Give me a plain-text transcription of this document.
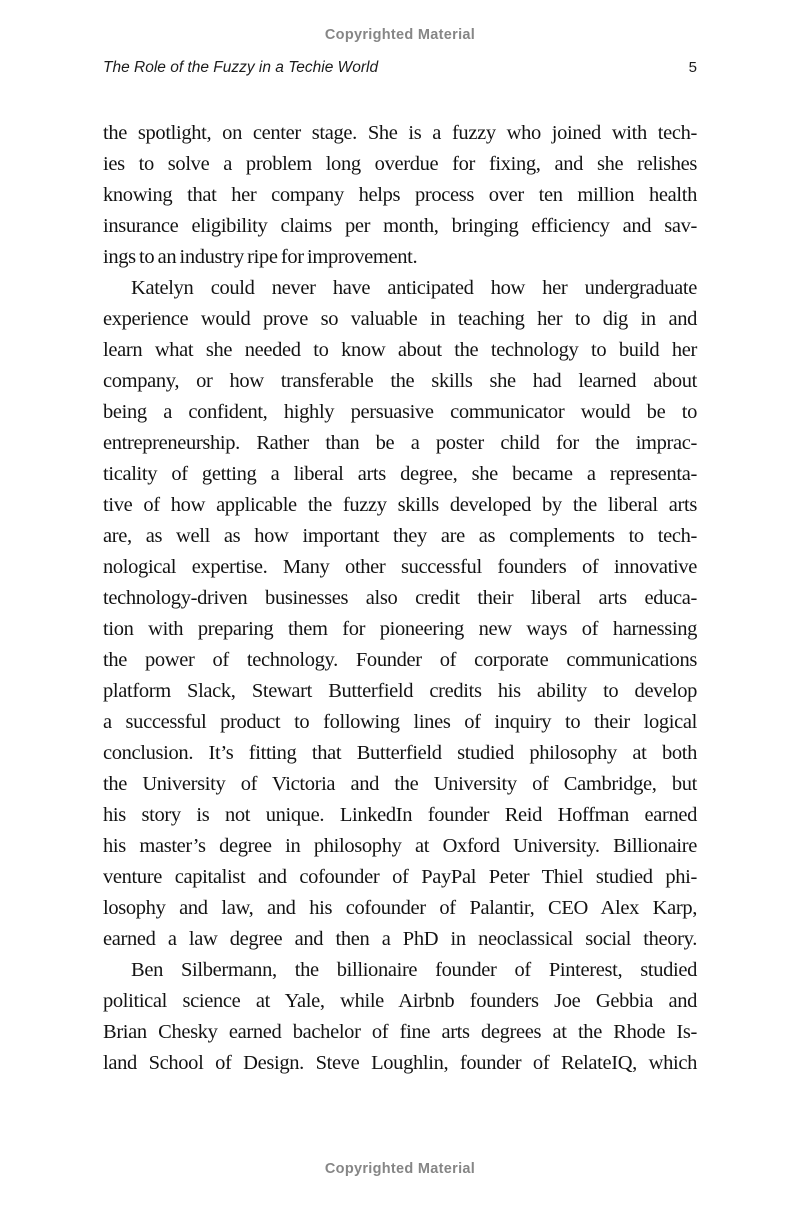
Copyrighted Material
The Role of the Fuzzy in a Techie World	5
the spotlight, on center stage. She is a fuzzy who joined with tech-
ies to solve a problem long overdue for fixing, and she relishes
knowing that her company helps process over ten million health
insurance eligibility claims per month, bringing efficiency and sav-
ings to an industry ripe for improvement.
Katelyn could never have anticipated how her undergraduate
experience would prove so valuable in teaching her to dig in and
learn what she needed to know about the technology to build her
company, or how transferable the skills she had learned about
being a confident, highly persuasive communicator would be to
entrepreneurship. Rather than be a poster child for the imprac-
ticality of getting a liberal arts degree, she became a representa-
tive of how applicable the fuzzy skills developed by the liberal arts
are, as well as how important they are as complements to tech-
nological expertise. Many other successful founders of innovative
technology-driven businesses also credit their liberal arts educa-
tion with preparing them for pioneering new ways of harnessing
the power of technology. Founder of corporate communications
platform Slack, Stewart Butterfield credits his ability to develop
a successful product to following lines of inquiry to their logical
conclusion. It’s fitting that Butterfield studied philosophy at both
the University of Victoria and the University of Cambridge, but
his story is not unique. LinkedIn founder Reid Hoffman earned
his master’s degree in philosophy at Oxford University. Billionaire
venture capitalist and cofounder of PayPal Peter Thiel studied phi-
losophy and law, and his cofounder of Palantir, CEO Alex Karp,
earned a law degree and then a PhD in neoclassical social theory.
Ben Silbermann, the billionaire founder of Pinterest, studied
political science at Yale, while Airbnb founders Joe Gebbia and
Brian Chesky earned bachelor of fine arts degrees at the Rhode Is-
land School of Design. Steve Loughlin, founder of RelateIQ, which
Copyrighted Material
